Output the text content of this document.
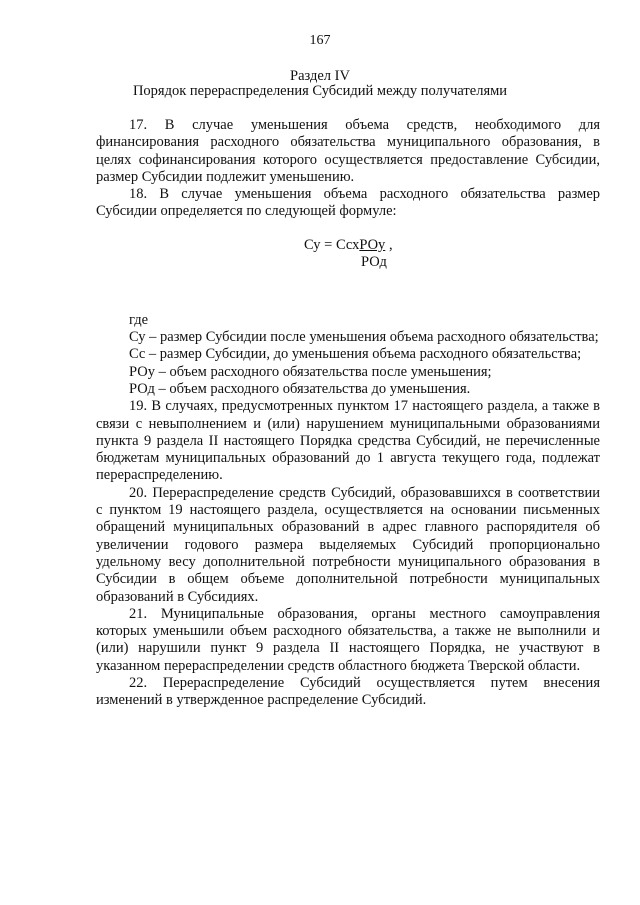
167
Раздел IV
Порядок перераспределения Субсидий между получателями

17. В случае уменьшения объема средств, необходимого для финансирования расходного обязательства муниципального образования, в целях софинансирования которого осуществляется предоставление Субсидии, размер Субсидии подлежит уменьшению.

18. В случае уменьшения объема расходного обязательства размер Субсидии определяется по следующей формуле:

Су = СсхРОу ,
РОд

где

Су – размер Субсидии после уменьшения объема расходного обязательства;

Сс – размер Субсидии, до уменьшения объема расходного обязательства;

РОу – объем расходного обязательства после уменьшения;

РОд – объем расходного обязательства до уменьшения.

19. В случаях, предусмотренных пунктом 17 настоящего раздела, а также в связи с невыполнением и (или) нарушением муниципальными образованиями пункта 9 раздела II настоящего Порядка средства Субсидий, не перечисленные бюджетам муниципальных образований до 1 августа текущего года, подлежат перераспределению.

20. Перераспределение средств Субсидий, образовавшихся в соответствии с пунктом 19 настоящего раздела, осуществляется на основании письменных обращений муниципальных образований в адрес главного распорядителя об увеличении годового размера выделяемых Субсидий пропорционально удельному весу дополнительной потребности муниципального образования в Субсидии в общем объеме дополнительной потребности муниципальных образований в Субсидиях.

21. Муниципальные образования, органы местного самоуправления которых уменьшили объем расходного обязательства, а также не выполнили и (или) нарушили пункт 9 раздела II настоящего Порядка, не участвуют в указанном перераспределении средств областного бюджета Тверской области.

22. Перераспределение Субсидий осуществляется путем внесения изменений в утвержденное распределение Субсидий.
